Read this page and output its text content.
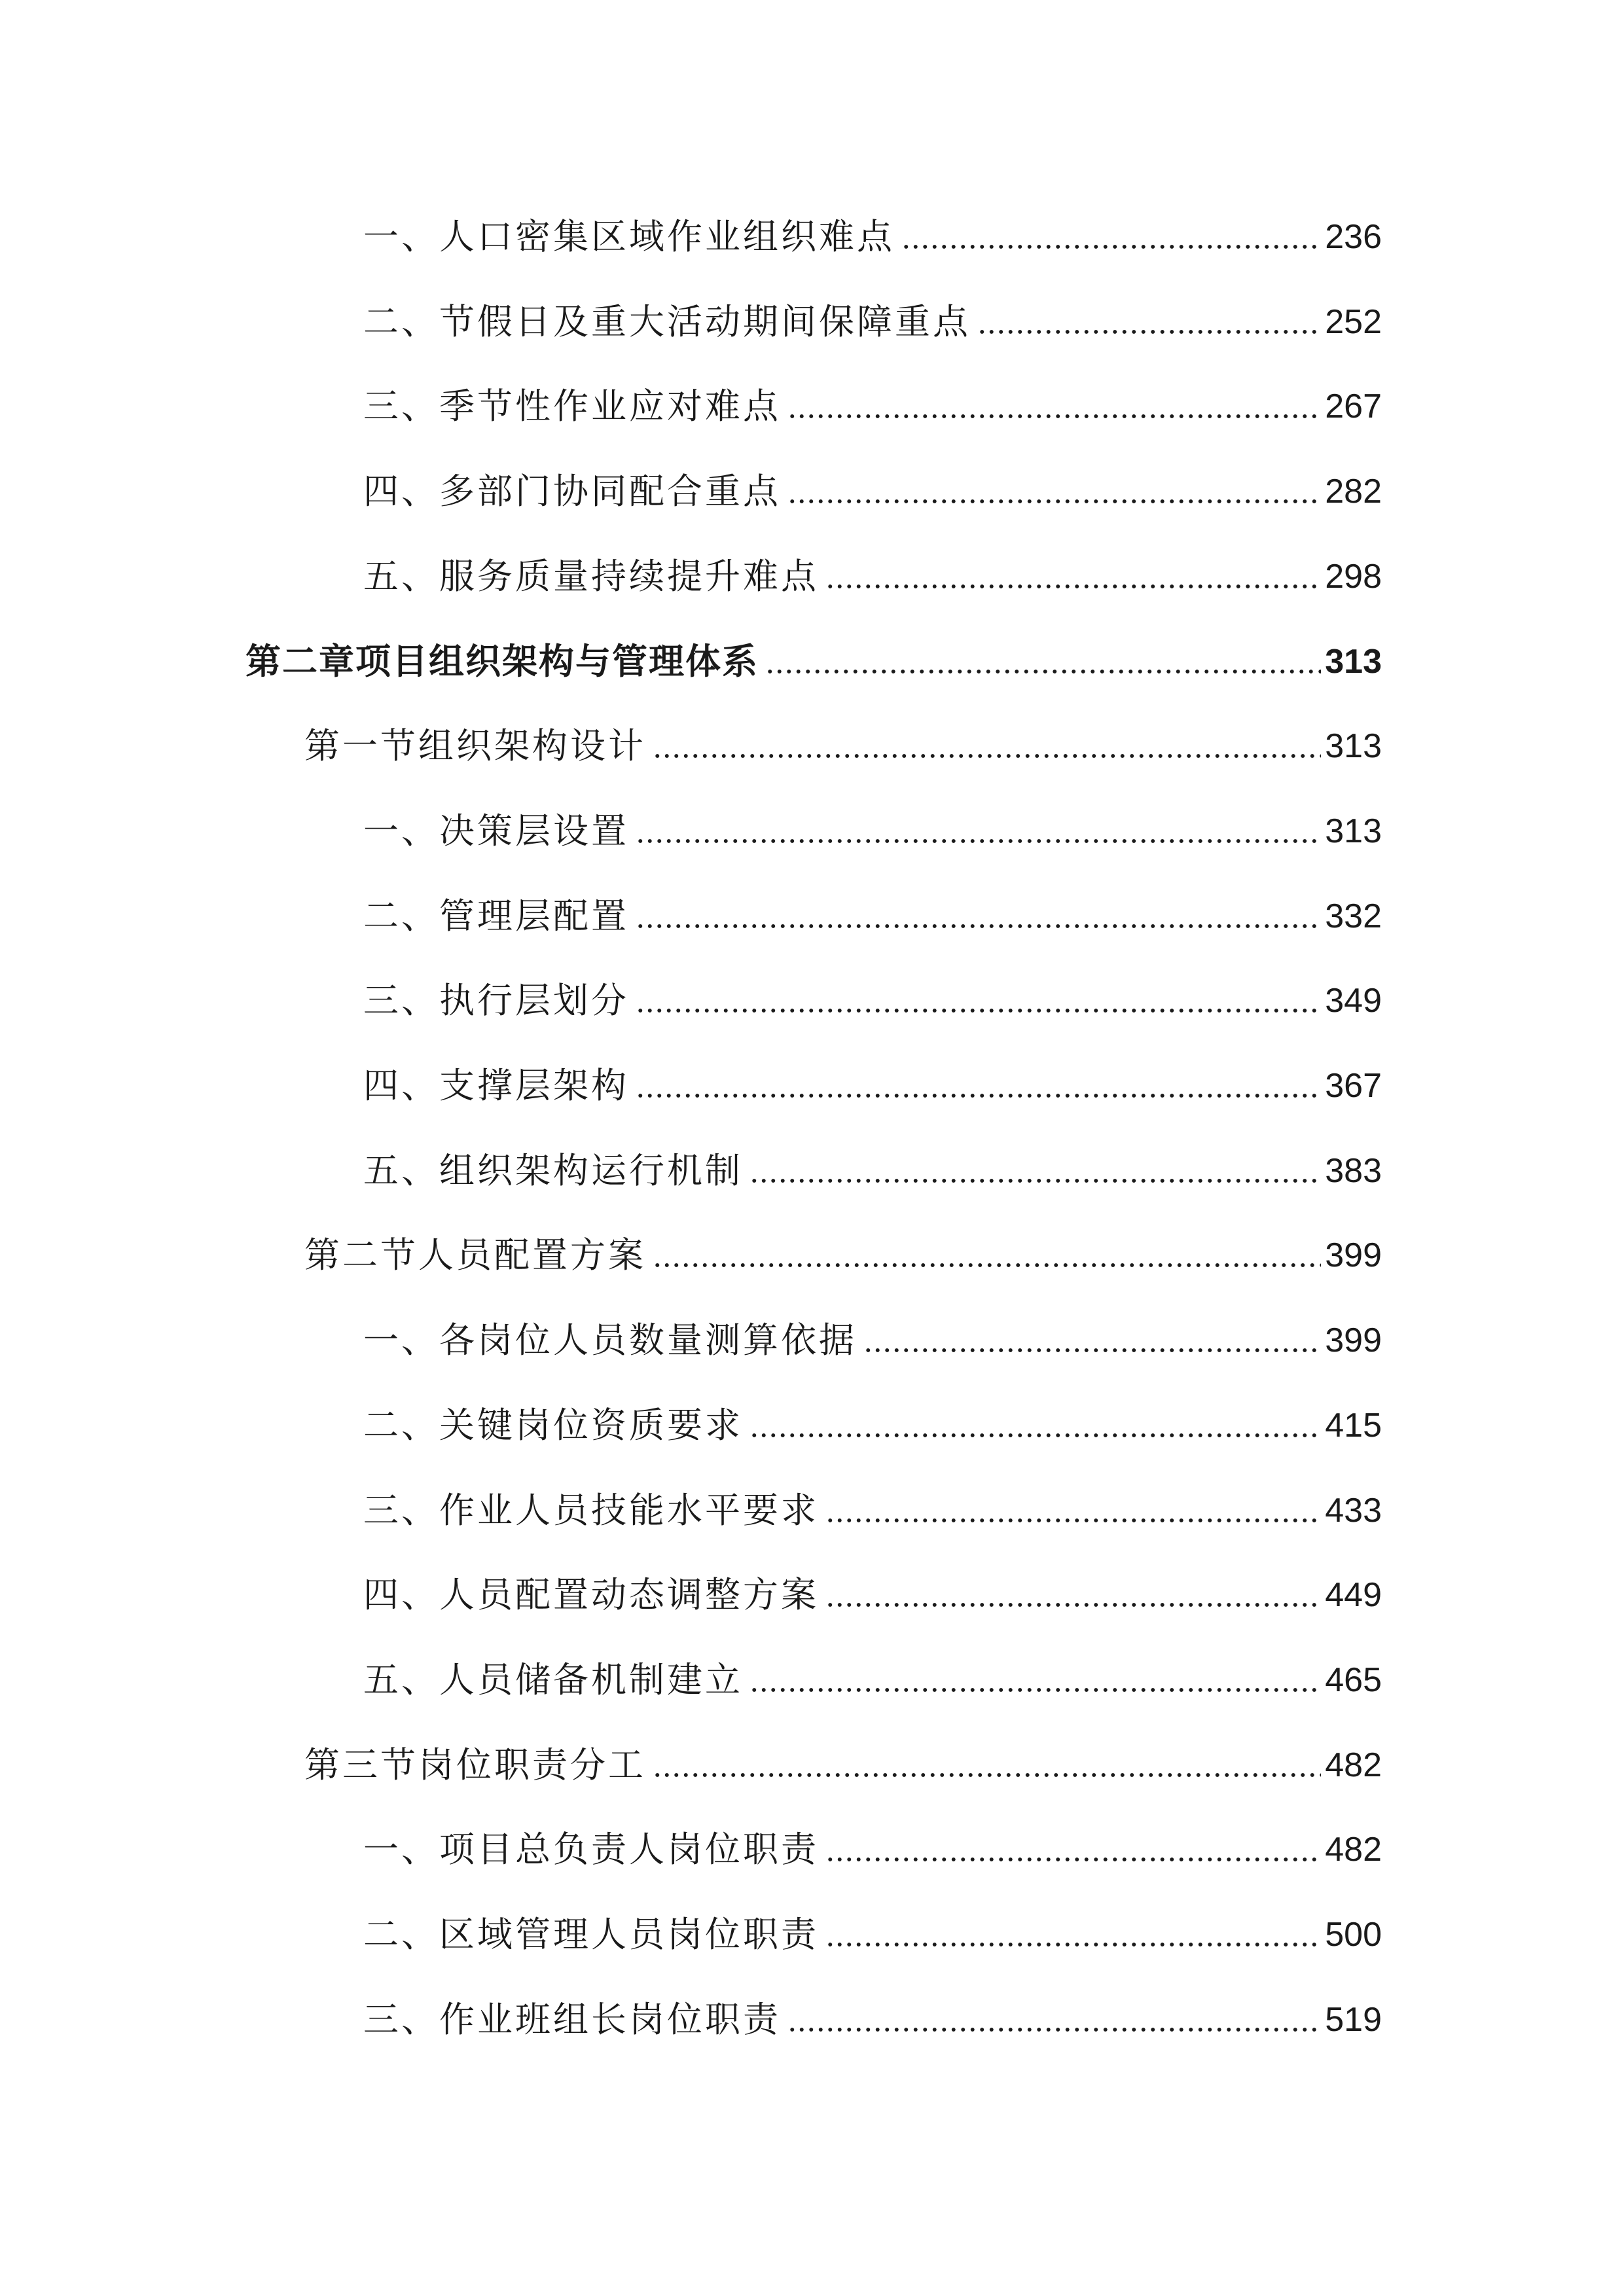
一、人口密集区域作业组织难点	236
二、节假日及重大活动期间保障重点	252
三、季节性作业应对难点	267
四、多部门协同配合重点	282
五、服务质量持续提升难点	298
第二章项目组织架构与管理体系	313
第一节组织架构设计	313
一、决策层设置	313
二、管理层配置	332
三、执行层划分	349
四、支撑层架构	367
五、组织架构运行机制	383
第二节人员配置方案	399
一、各岗位人员数量测算依据	399
二、关键岗位资质要求	415
三、作业人员技能水平要求	433
四、人员配置动态调整方案	449
五、人员储备机制建立	465
第三节岗位职责分工	482
一、项目总负责人岗位职责	482
二、区域管理人员岗位职责	500
三、作业班组长岗位职责	519
